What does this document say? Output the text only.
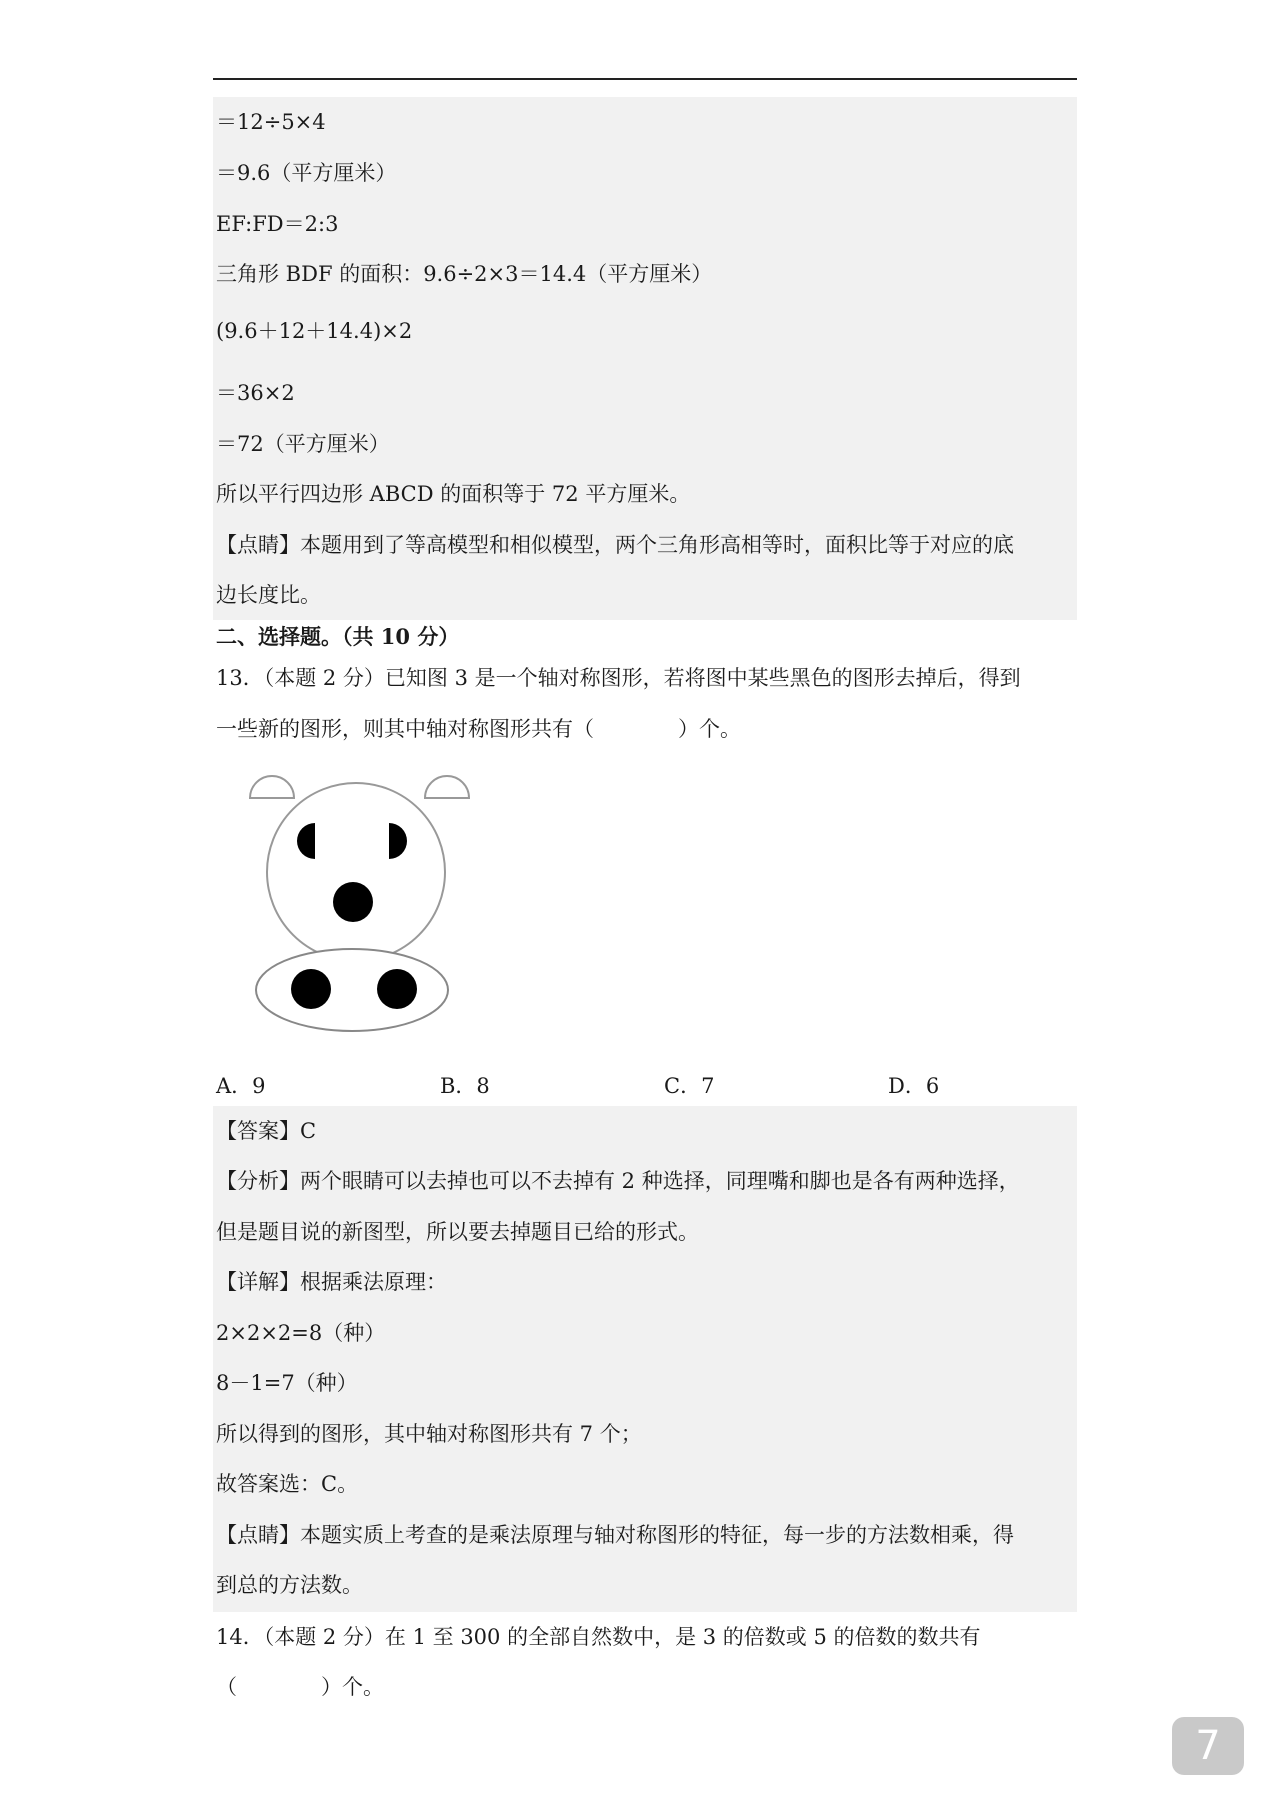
＝12÷5×4
＝9.6（平方厘米）
EF:FD＝2:3
三角形 BDF 的面积：9.6÷2×3＝14.4（平方厘米）
(9.6＋12＋14.4)×2
＝36×2
＝72（平方厘米）
所以平行四边形 ABCD 的面积等于 72 平方厘米。
【点睛】本题用到了等高模型和相似模型，两个三角形高相等时，面积比等于对应的底
边长度比。
二、选择题。（共 10 分）
13．（本题 2 分）已知图 3 是一个轴对称图形，若将图中某些黑色的图形去掉后，得到
一些新的图形，则其中轴对称图形共有（　　　　）个。
A．9	B．8	C．7	D．6
【答案】C
【分析】两个眼睛可以去掉也可以不去掉有 2 种选择，同理嘴和脚也是各有两种选择，
但是题目说的新图型，所以要去掉题目已给的形式。
【详解】根据乘法原理：
2×2×2=8（种）
8－1=7（种）
所以得到的图形，其中轴对称图形共有 7 个；
故答案选：C。
【点睛】本题实质上考查的是乘法原理与轴对称图形的特征，每一步的方法数相乘，得
到总的方法数。
14．（本题 2 分）在 1 至 300 的全部自然数中，是 3 的倍数或 5 的倍数的数共有
（　　　　）个。
7
